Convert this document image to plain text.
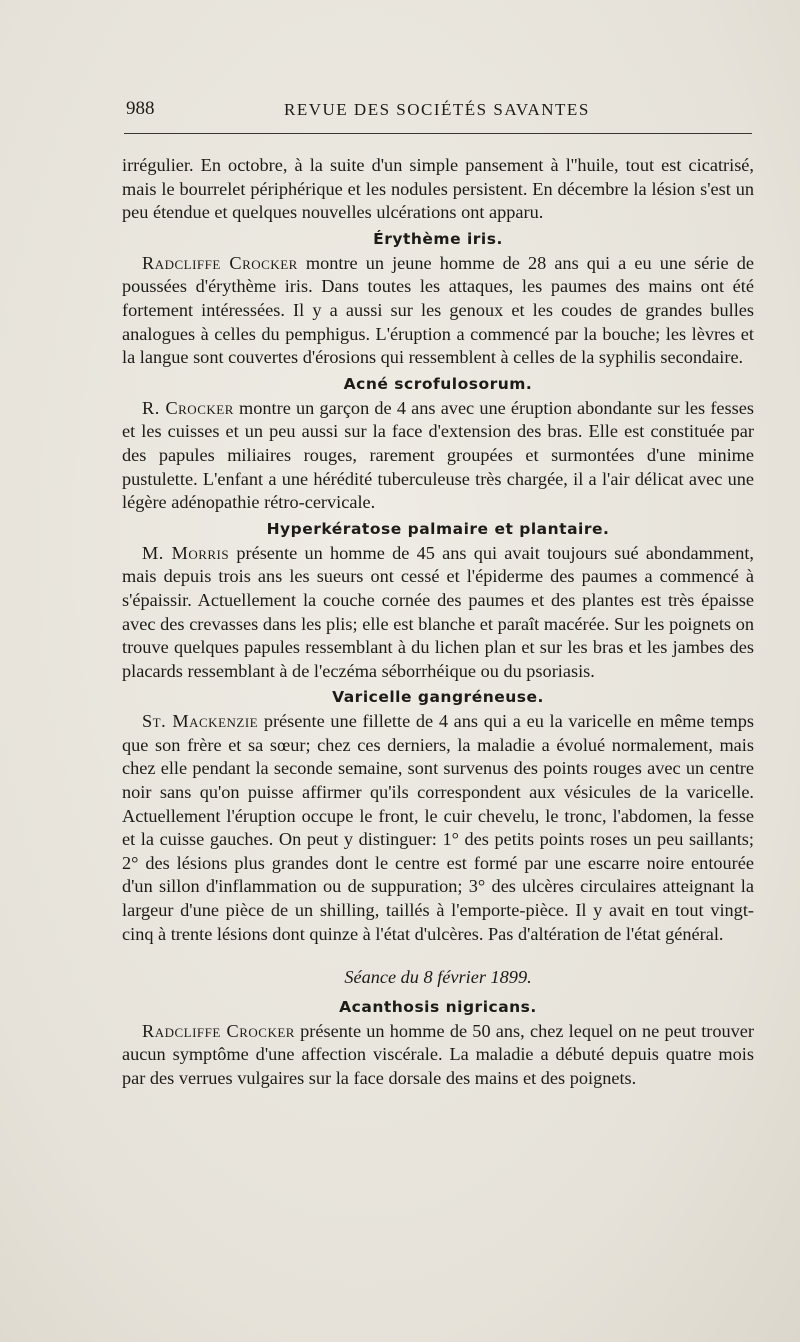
988	REVUE DES SOCIÉTÉS SAVANTES

irrégulier. En octobre, à la suite d'un simple pansement à l''huile, tout est cicatrisé, mais le bourrelet périphérique et les nodules persistent. En décembre la lésion s'est un peu étendue et quelques nouvelles ulcérations ont apparu.

Érythème iris.

Radcliffe Crocker montre un jeune homme de 28 ans qui a eu une série de poussées d'érythème iris. Dans toutes les attaques, les paumes des mains ont été fortement intéressées. Il y a aussi sur les genoux et les coudes de grandes bulles analogues à celles du pemphigus. L'éruption a commencé par la bouche; les lèvres et la langue sont couvertes d'érosions qui ressemblent à celles de la syphilis secondaire.

Acné scrofulosorum.

R. Crocker montre un garçon de 4 ans avec une éruption abondante sur les fesses et les cuisses et un peu aussi sur la face d'extension des bras. Elle est constituée par des papules miliaires rouges, rarement groupées et surmontées d'une minime pustulette. L'enfant a une hérédité tuberculeuse très chargée, il a l'air délicat avec une légère adénopathie rétro-cervicale.

Hyperkératose palmaire et plantaire.

M. Morris présente un homme de 45 ans qui avait toujours sué abondamment, mais depuis trois ans les sueurs ont cessé et l'épiderme des paumes a commencé à s'épaissir. Actuellement la couche cornée des paumes et des plantes est très épaisse avec des crevasses dans les plis; elle est blanche et paraît macérée. Sur les poignets on trouve quelques papules ressemblant à du lichen plan et sur les bras et les jambes des placards ressemblant à de l'eczéma séborrhéique ou du psoriasis.

Varicelle gangréneuse.

St. Mackenzie présente une fillette de 4 ans qui a eu la varicelle en même temps que son frère et sa sœur; chez ces derniers, la maladie a évolué normalement, mais chez elle pendant la seconde semaine, sont survenus des points rouges avec un centre noir sans qu'on puisse affirmer qu'ils correspondent aux vésicules de la varicelle. Actuellement l'éruption occupe le front, le cuir chevelu, le tronc, l'abdomen, la fesse et la cuisse gauches. On peut y distinguer: 1° des petits points roses un peu saillants; 2° des lésions plus grandes dont le centre est formé par une escarre noire entourée d'un sillon d'inflammation ou de suppuration; 3° des ulcères circulaires atteignant la largeur d'une pièce de un shilling, taillés à l'emporte-pièce. Il y avait en tout vingt-cinq à trente lésions dont quinze à l'état d'ulcères. Pas d'altération de l'état général.

Séance du 8 février 1899.
Acanthosis nigricans.

Radcliffe Crocker présente un homme de 50 ans, chez lequel on ne peut trouver aucun symptôme d'une affection viscérale. La maladie a débuté depuis quatre mois par des verrues vulgaires sur la face dorsale des mains et des poignets.
